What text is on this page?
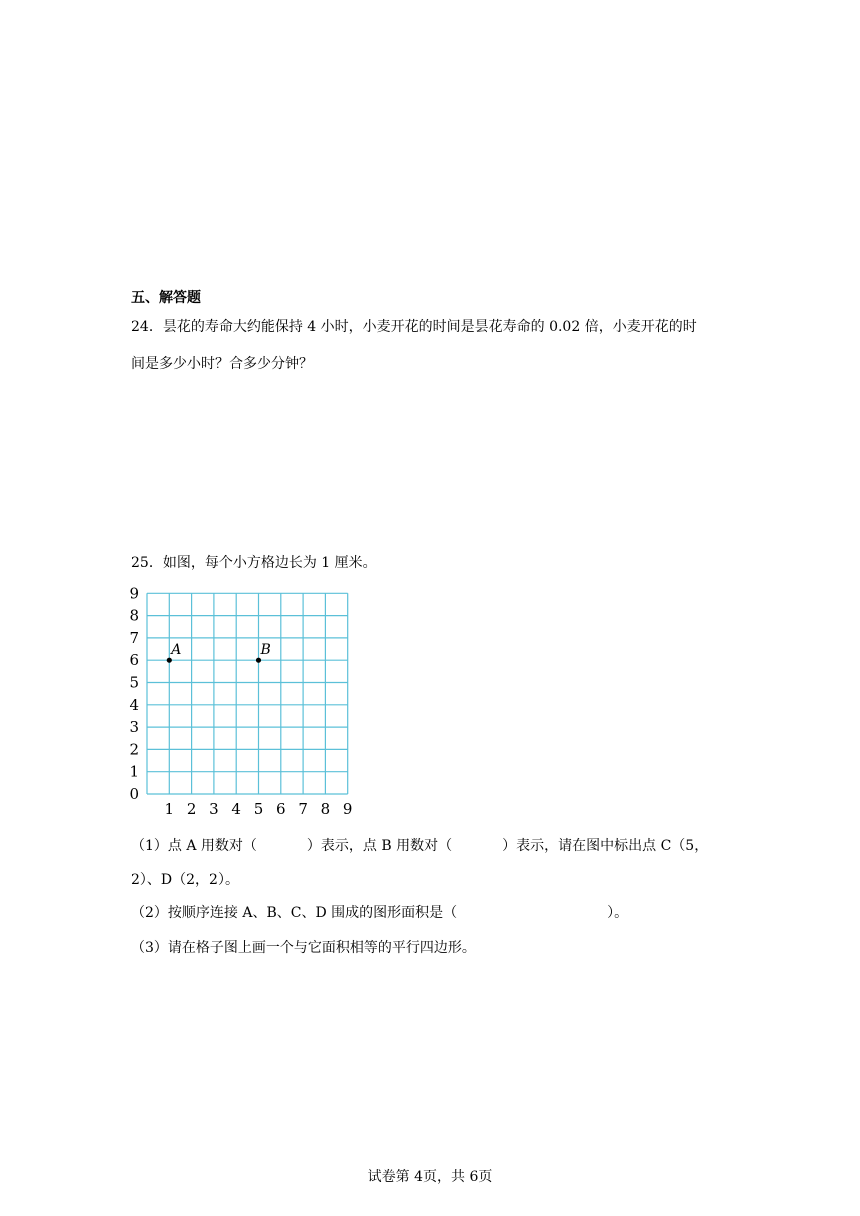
五、解答题
24．昙花的寿命大约能保持 4 小时，小麦开花的时间是昙花寿命的 0.02 倍，小麦开花的时
间是多少小时？合多少分钟？
25．如图，每个小方格边长为 1 厘米。
0
1
2
3
4
5
6
7
8
9
1 2 3 4 5 6 7 8 9
A	B
（1）点 A 用数对（	）表示，点 B 用数对（	）表示，请在图中标出点 C（5，
2）、D（2，2）。
（2）按顺序连接 A、B、C、D 围成的图形面积是（	）。
（3）请在格子图上画一个与它面积相等的平行四边形。
试卷第 4页，共 6页
